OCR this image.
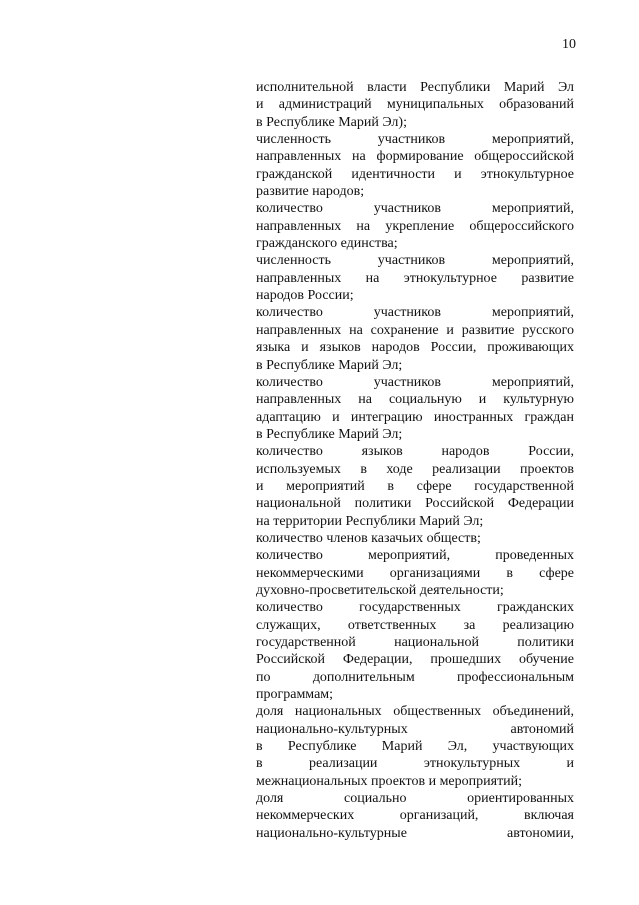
10
исполнительной власти Республики Марий Эл
и администраций муниципальных образований
в Республике Марий Эл);
численность участников мероприятий,
направленных на формирование общероссийской
гражданской идентичности и этнокультурное
развитие народов;
количество участников мероприятий,
направленных на укрепление общероссийского
гражданского единства;
численность участников мероприятий,
направленных на этнокультурное развитие
народов России;
количество участников мероприятий,
направленных на сохранение и развитие русского
языка и языков народов России, проживающих
в Республике Марий Эл;
количество участников мероприятий,
направленных на социальную и культурную
адаптацию и интеграцию иностранных граждан
в Республике Марий Эл;
количество языков народов России,
используемых в ходе реализации проектов
и мероприятий в сфере государственной
национальной политики Российской Федерации
на территории Республики Марий Эл;
количество членов казачьих обществ;
количество мероприятий, проведенных
некоммерческими организациями в сфере
духовно-просветительской деятельности;
количество государственных гражданских
служащих, ответственных за реализацию
государственной национальной политики
Российской Федерации, прошедших обучение
по дополнительным профессиональным
программам;
доля национальных общественных объединений,
национально-культурных автономий
в Республике Марий Эл, участвующих
в реализации этнокультурных и
межнациональных проектов и мероприятий;
доля социально ориентированных
некоммерческих организаций, включая
национально-культурные автономии,
